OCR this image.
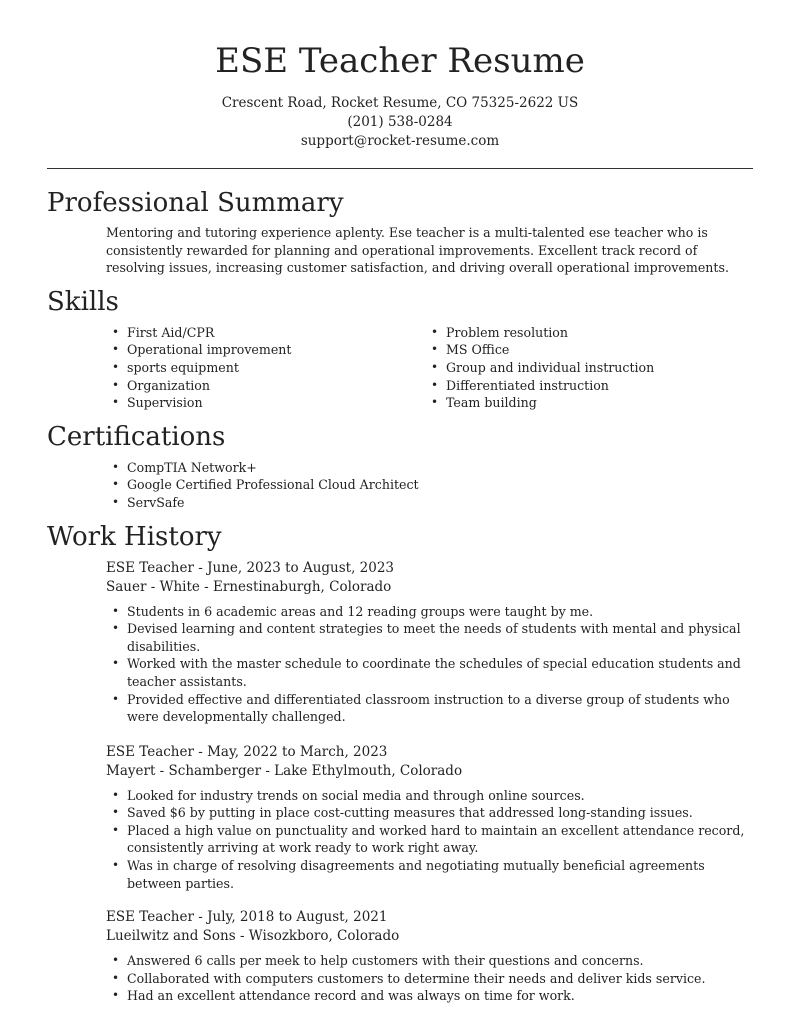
ESE Teacher Resume
Crescent Road, Rocket Resume, CO 75325-2622 US
(201) 538-0284
support@rocket-resume.com
Professional Summary

Mentoring and tutoring experience aplenty. Ese teacher is a multi-talented ese teacher who is consistently rewarded for planning and operational improvements. Excellent track record of resolving issues, increasing customer satisfaction, and driving overall operational improvements.

Skills
• First Aid/CPR
• Operational improvement
• sports equipment
• Organization
• Supervision
• Problem resolution
• MS Office
• Group and individual instruction
• Differentiated instruction
• Team building
Certifications
• CompTIA Network+
• Google Certified Professional Cloud Architect
• ServSafe
Work History
ESE Teacher - June, 2023 to August, 2023
Sauer - White - Ernestinaburgh, Colorado
• Students in 6 academic areas and 12 reading groups were taught by me.
• Devised learning and content strategies to meet the needs of students with mental and physical disabilities.
• Worked with the master schedule to coordinate the schedules of special education students and teacher assistants.
• Provided effective and differentiated classroom instruction to a diverse group of students who were developmentally challenged.
ESE Teacher - May, 2022 to March, 2023
Mayert - Schamberger - Lake Ethylmouth, Colorado
• Looked for industry trends on social media and through online sources.
• Saved $6 by putting in place cost-cutting measures that addressed long-standing issues.
• Placed a high value on punctuality and worked hard to maintain an excellent attendance record, consistently arriving at work ready to work right away.
• Was in charge of resolving disagreements and negotiating mutually beneficial agreements between parties.
ESE Teacher - July, 2018 to August, 2021
Lueilwitz and Sons - Wisozkboro, Colorado
• Answered 6 calls per meek to help customers with their questions and concerns.
• Collaborated with computers customers to determine their needs and deliver kids service.
• Had an excellent attendance record and was always on time for work.
